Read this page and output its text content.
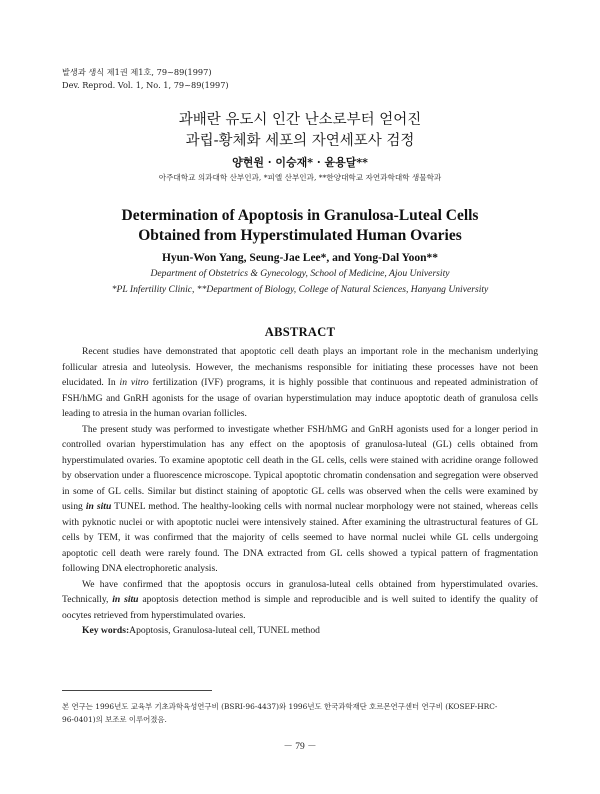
발생과 생식 제1권 제1호, 79~89(1997)
Dev. Reprod. Vol. 1, No. 1, 79~89(1997)
과배란 유도시 인간 난소로부터 얻어진
과립-황체화 세포의 자연세포사 검정
양현원 · 이승재* · 윤용달**
아주대학교 의과대학 산부인과, *피엘 산부인과, **한양대학교 자연과학대학 생물학과
Determination of Apoptosis in Granulosa-Luteal Cells
Obtained from Hyperstimulated Human Ovaries
Hyun-Won Yang, Seung-Jae Lee*, and Yong-Dal Yoon**
Department of Obstetrics & Gynecology, School of Medicine, Ajou University
*PL Infertility Clinic, **Department of Biology, College of Natural Sciences, Hanyang University
ABSTRACT

Recent studies have demonstrated that apoptotic cell death plays an important role in the mechanism underlying follicular atresia and luteolysis. However, the mechanisms responsible for initiating these processes have not been elucidated. In in vitro fertilization (IVF) programs, it is highly possible that continuous and repeated administration of FSH/hMG and GnRH agonists for the usage of ovarian hyperstimulation may induce apoptotic death of granulosa cells leading to atresia in the human ovarian follicles.

The present study was performed to investigate whether FSH/hMG and GnRH agonists used for a longer period in controlled ovarian hyperstimulation has any effect on the apoptosis of granulosa-luteal (GL) cells obtained from hyperstimulated ovaries. To examine apoptotic cell death in the GL cells, cells were stained with acridine orange followed by observation under a fluorescence microscope. Typical apoptotic chromatin condensation and segregation were observed in some of GL cells. Similar but distinct staining of apoptotic GL cells was observed when the cells were examined by using in situ TUNEL method. The healthy-looking cells with normal nuclear morphology were not stained, whereas cells with pyknotic nuclei or with apoptotic nuclei were intensively stained. After examining the ultrastructural features of GL cells by TEM, it was confirmed that the majority of cells seemed to have normal nuclei while GL cells undergoing apoptotic cell death were rarely found. The DNA extracted from GL cells showed a typical pattern of fragmentation following DNA electrophoretic analysis.

We have confirmed that the apoptosis occurs in granulosa-luteal cells obtained from hyperstimulated ovaries. Technically, in situ apoptosis detection method is simple and reproducible and is well suited to identify the quality of oocytes retrieved from hyperstimulated ovaries.

Key words:Apoptosis, Granulosa-luteal cell, TUNEL method

본 연구는 1996년도 교육부 기초과학육성연구비 (BSRI-96-4437)와 1996년도 한국과학재단 호르몬연구센터 연구비 (KOSEF-HRC-
96-0401)의 보조로 이루어졌음.
－ 79 －
